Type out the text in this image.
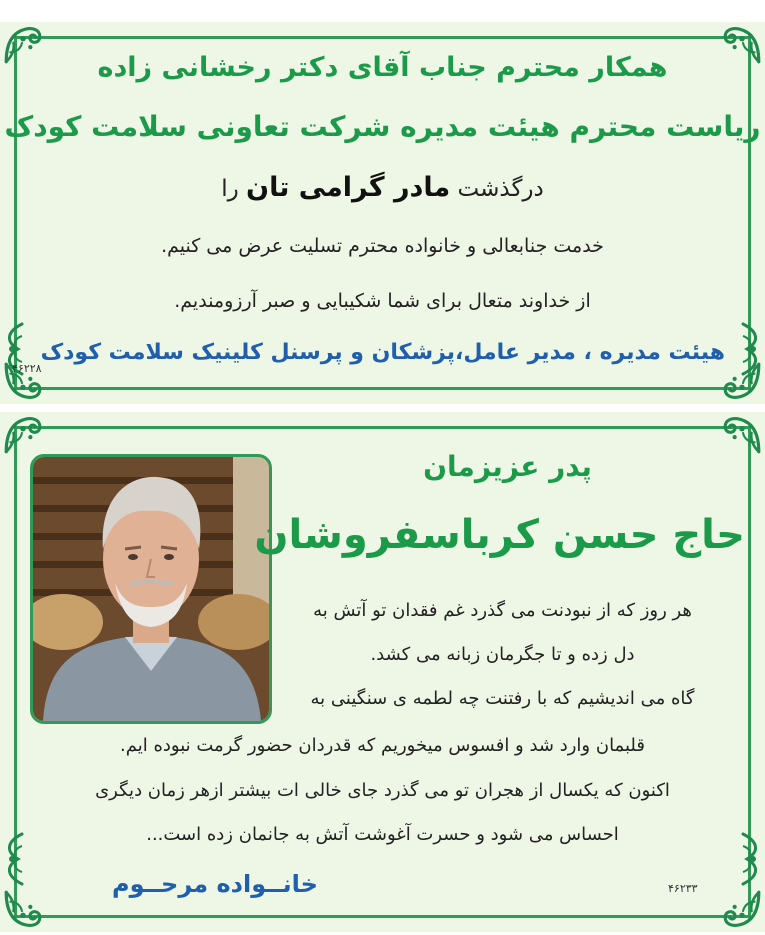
همکار محترم جناب آقای دکتر رخشانی زاده
ریاست محترم هیئت مدیره شرکت تعاونی سلامت کودک
درگذشت مادر گرامی تان را
خدمت جنابعالی و خانواده محترم تسلیت عرض می کنیم.
از خداوند متعال برای شما شکیبایی و صبر آرزومندیم.
هیئت مدیره ، مدیر عامل،پزشکان و پرسنل کلینیک سلامت کودک
۴۶۲۲۸
پدر عزیزمان
حاج حسن کرباسفروشان
هر روز که از نبودنت می گذرد غم فقدان تو آتش به
دل زده و تا جگرمان زبانه می کشد.
گاه می اندیشیم که با رفتنت چه لطمه ی سنگینی به
قلبمان وارد شد و افسوس میخوریم که قدردان حضور گرمت نبوده ایم.
اکنون که یکسال از هجران تو می گذرد جای خالی ات بیشتر ازهر زمان دیگری
احساس می شود و حسرت آغوشت آتش به جانمان زده است...
خانــواده مرحــوم	۴۶۲۳۳
